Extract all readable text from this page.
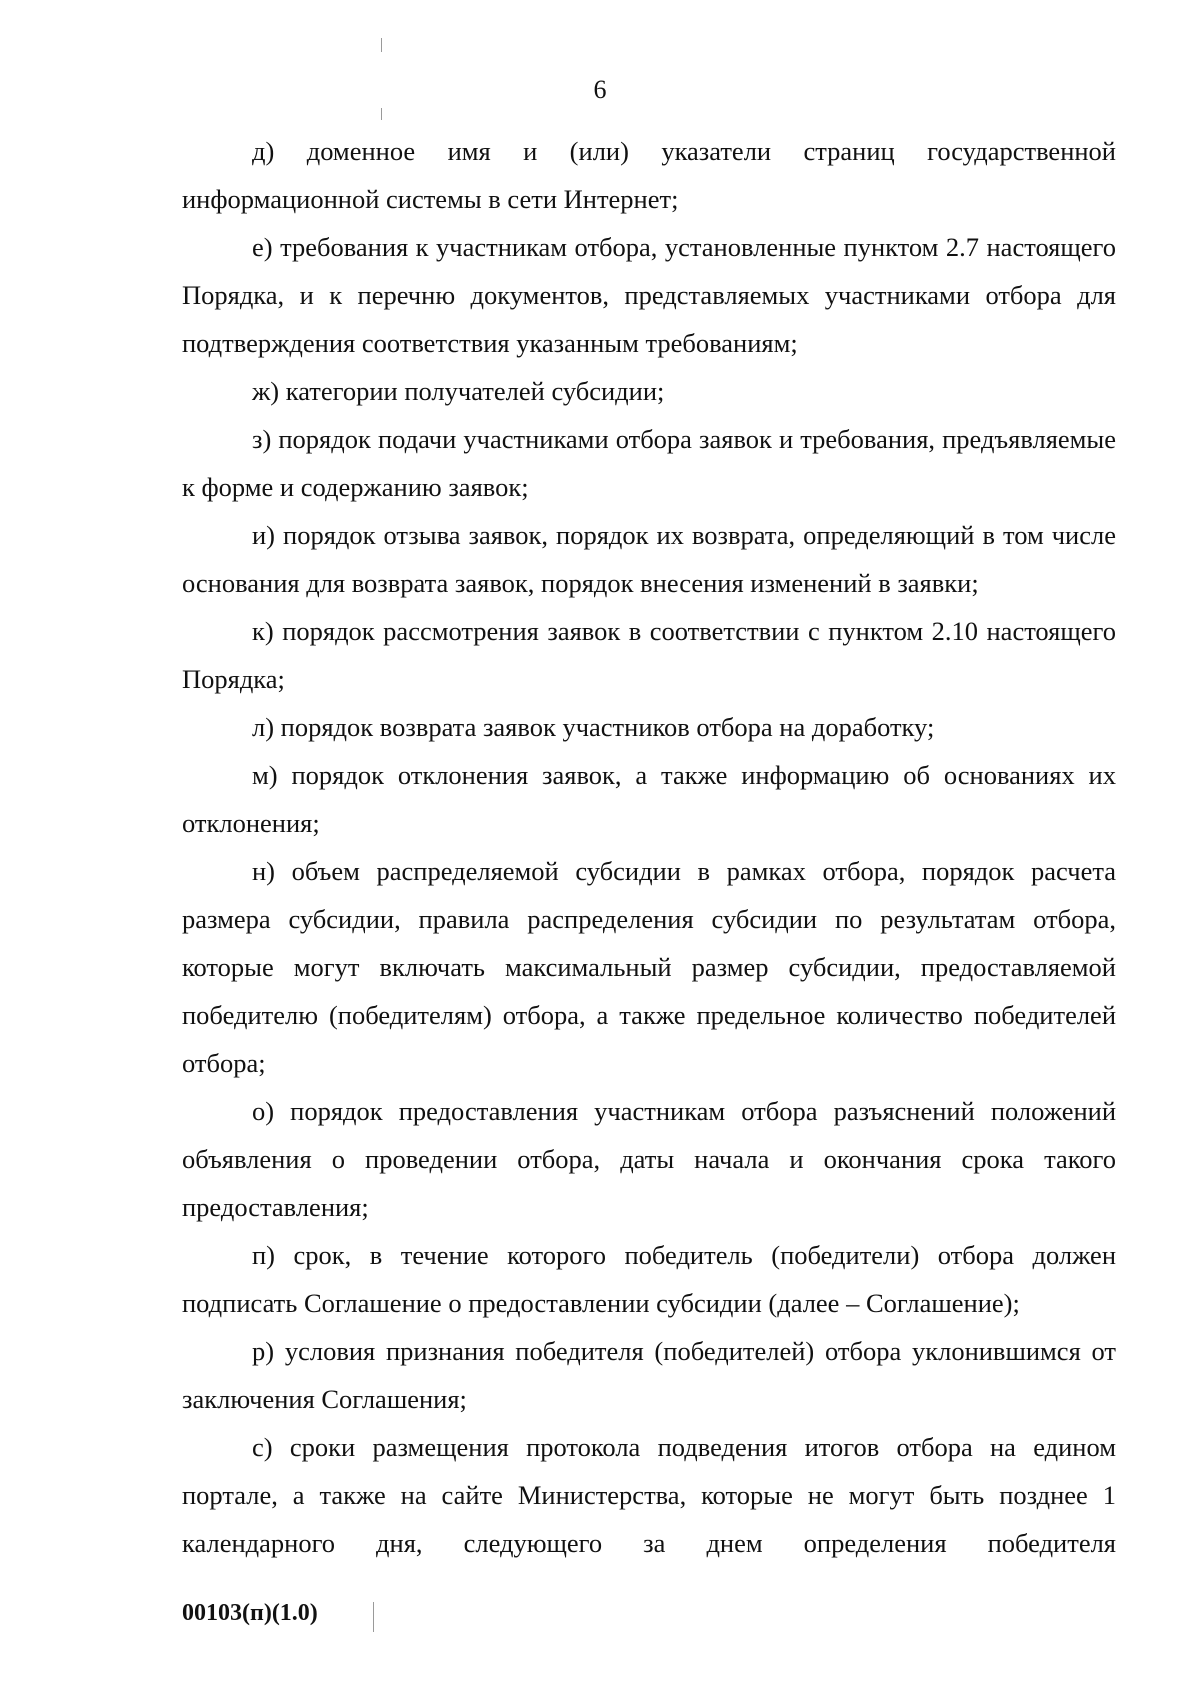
6

д) доменное имя и (или) указатели страниц государственной информационной системы в сети Интернет;

е) требования к участникам отбора, установленные пунктом 2.7 настоящего Порядка, и к перечню документов, представляемых участниками отбора для подтверждения соответствия указанным требованиям;

ж) категории получателей субсидии;

з) порядок подачи участниками отбора заявок и требования, предъявляемые к форме и содержанию заявок;

и) порядок отзыва заявок, порядок их возврата, определяющий в том числе основания для возврата заявок, порядок внесения изменений в заявки;

к) порядок рассмотрения заявок в соответствии с пунктом 2.10 настоящего Порядка;

л) порядок возврата заявок участников отбора на доработку;

м) порядок отклонения заявок, а также информацию об основаниях их отклонения;

н) объем распределяемой субсидии в рамках отбора, порядок расчета размера субсидии, правила распределения субсидии по результатам отбора, которые могут включать максимальный размер субсидии, предоставляемой победителю (победителям) отбора, а также предельное количество победителей отбора;

о) порядок предоставления участникам отбора разъяснений положений объявления о проведении отбора, даты начала и окончания срока такого предоставления;

п) срок, в течение которого победитель (победители) отбора должен подписать Соглашение о предоставлении субсидии (далее – Соглашение);

р) условия признания победителя (победителей) отбора уклонившимся от заключения Соглашения;

с) сроки размещения протокола подведения итогов отбора на едином портале, а также на сайте Министерства, которые не могут быть позднее 1 календарного дня, следующего за днем определения победителя

00103(п)(1.0)
